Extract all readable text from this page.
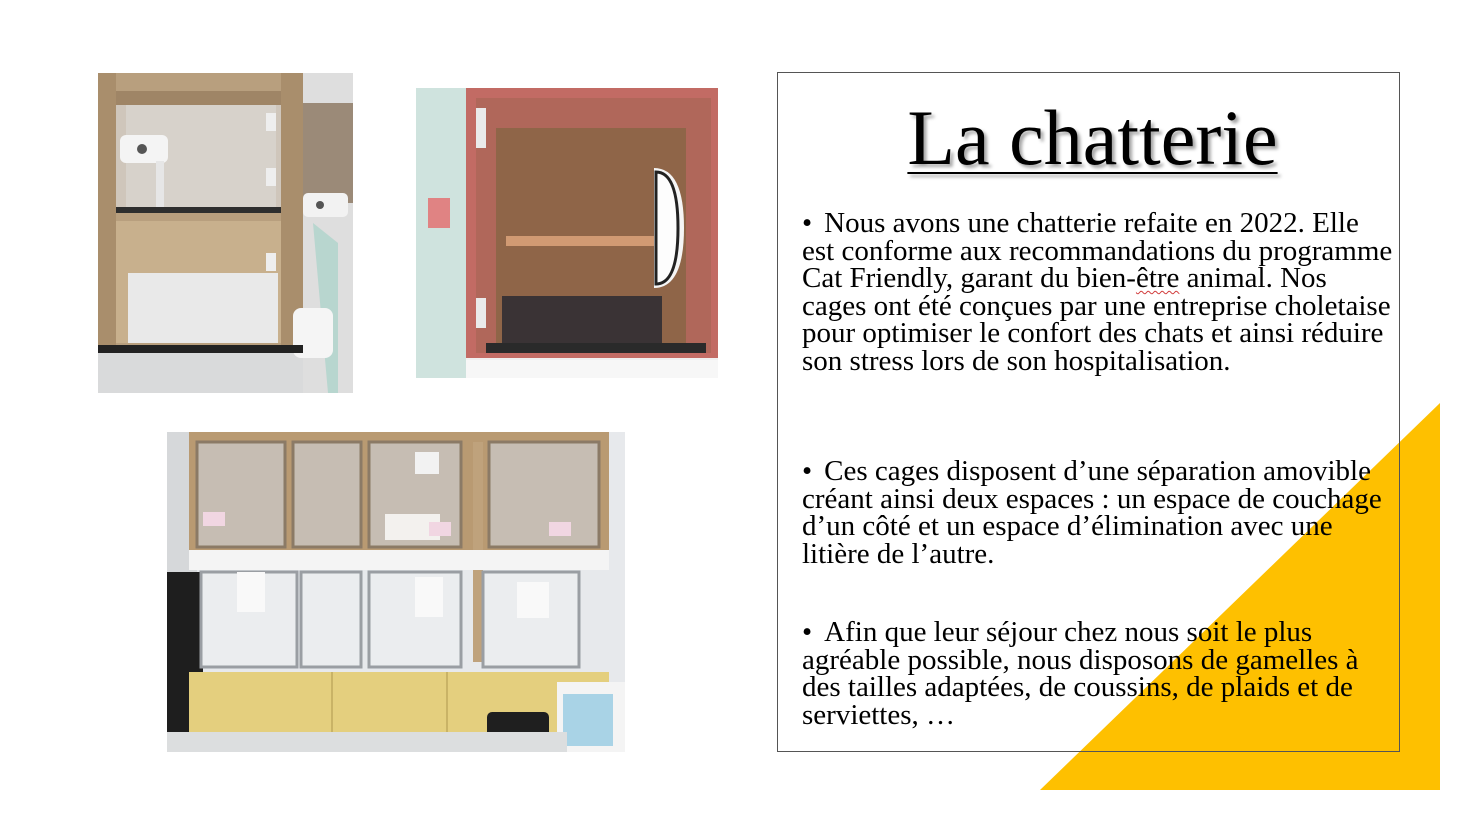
La chatterie

• Nous avons une chatterie refaite en 2022. Elle est conforme aux recommandations du programme Cat Friendly, garant du bien-être animal. Nos cages ont été conçues par une entreprise choletaise pour optimiser le confort des chats et ainsi réduire son stress lors de son hospitalisation.

• Ces cages disposent d’une séparation amovible créant ainsi deux espaces : un espace de couchage d’un côté et un espace d’élimination avec une litière de l’autre.

• Afin que leur séjour chez nous soit le plus agréable possible, nous disposons de gamelles à des tailles adaptées, de coussins, de plaids et de serviettes, …
